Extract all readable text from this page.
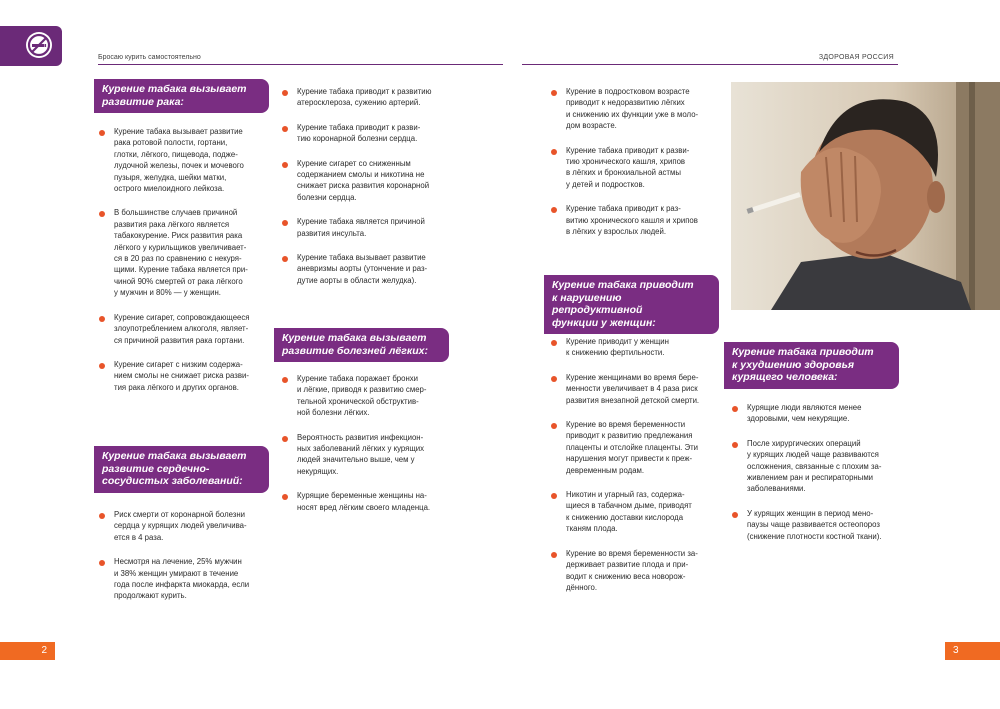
Бросаю курить самостоятельно	ЗДОРОВАЯ РОССИЯ
Курение табака вызывает
развитие рака:
Курение табака вызывает развитие
рака ротовой полости, гортани,
глотки, лёгкого, пищевода, подже-
лудочной железы, почек и мочевого
пузыря, желудка, шейки матки,
острого миелоидного лейкоза.
В большинстве случаев причиной
развития рака лёгкого является
табакокурение. Риск развития рака
лёгкого у курильщиков увеличивает-
ся в 20 раз по сравнению с некуря-
щими. Курение табака является при-
чиной 90% смертей от рака лёгкого
у мужчин и 80% — у женщин.
Курение сигарет, сопровождающееся
злоупотреблением алкоголя, являет-
ся причиной развития рака гортани.
Курение сигарет с низким содержа-
нием смолы не снижает риска разви-
тия рака лёгкого и других органов.
Курение табака вызывает
развитие сердечно-
сосудистых заболеваний:
Риск смерти от коронарной болезни
сердца у курящих людей увеличива-
ется в 4 раза.
Несмотря на лечение, 25% мужчин
и 38% женщин умирают в течение
года после инфаркта миокарда, если
продолжают курить.
Курение табака приводит к развитию
атеросклероза, сужению артерий.
Курение табака приводит к разви-
тию коронарной болезни сердца.
Курение сигарет со сниженным
содержанием смолы и никотина не
снижает риска развития коронарной
болезни сердца.
Курение табака является причиной
развития инсульта.
Курение табака вызывает развитие
аневризмы аорты (утончение и раз-
дутие аорты в области желудка).
Курение табака вызывает
развитие болезней лёгких:
Курение табака поражает бронхи
и лёгкие, приводя к развитию смер-
тельной хронической обструктив-
ной болезни лёгких.
Вероятность развития инфекцион-
ных заболеваний лёгких у курящих
людей значительно выше, чем у
некурящих.
Курящие беременные женщины на-
носят вред лёгким своего младенца.
Курение в подростковом возрасте
приводит к недоразвитию лёгких
и снижению их функции уже в моло-
дом возрасте.
Курение табака приводит к разви-
тию хронического кашля, хрипов
в лёгких и бронхиальной астмы
у детей и подростков.
Курение табака приводит к раз-
витию хронического кашля и хрипов
в лёгких у взрослых людей.
Курение табака приводит
к нарушению репродуктивной
функции у женщин:
Курение приводит у женщин
к снижению фертильности.
Курение женщинами во время бере-
менности увеличивает в 4 раза риск
развития внезапной детской смерти.
Курение во время беременности
приводит к развитию предлежания
плаценты и отслойке плаценты. Эти
нарушения могут привести к преж-
девременным родам.
Никотин и угарный газ, содержа-
щиеся в табачном дыме, приводят
к снижению доставки кислорода
тканям плода.
Курение во время беременности за-
держивает развитие плода и при-
водит к снижению веса новорож-
дённого.
Курение табака приводит
к ухудшению здоровья
курящего человека:
Курящие люди являются менее
здоровыми, чем некурящие.
После хирургических операций
у курящих людей чаще развиваются
осложнения, связанные с плохим за-
живлением ран и респираторными
заболеваниями.
У курящих женщин в период мено-
паузы чаще развивается остеопороз
(снижение плотности костной ткани).
2	3
